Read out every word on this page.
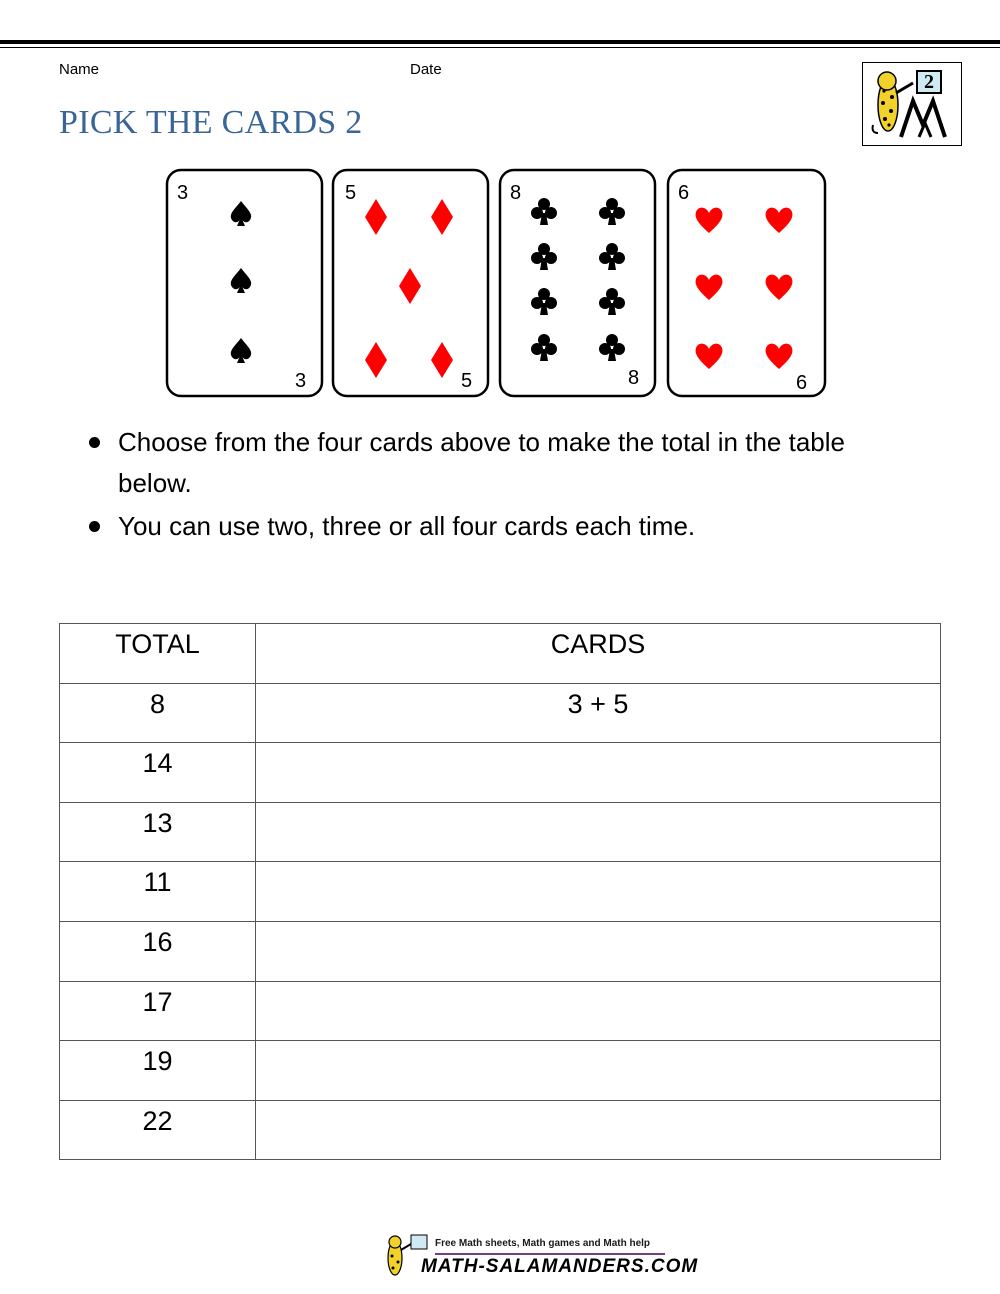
Name	Date
PICK THE CARDS 2
2
3
3
5
5
8
8
6
6
Choose from the four cards above to make the total in the table below.
You can use two, three or all four cards each time.
TOTAL	CARDS
8	3 + 5
14	
13	
11	
16	
17	
19	
22	
Free Math sheets, Math games and Math help
MATH-SALAMANDERS.COM
